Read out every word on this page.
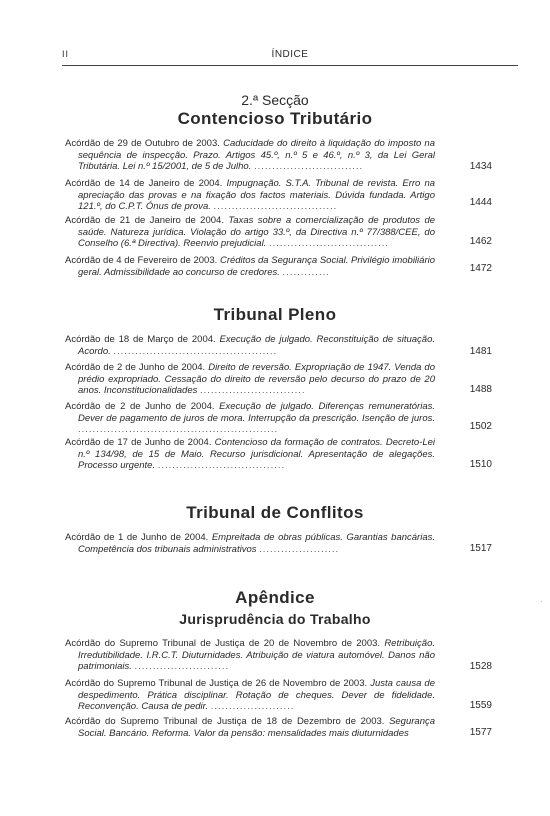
II	ÍNDICE
2.ª Secção
Contencioso Tributário
Acórdão de 29 de Outubro de 2003. Caducidade do direito à liquidação do imposto na sequência de inspecção. Prazo. Artigos 45.º, n.º 5 e 46.º, n.º 3, da Lei Geral Tributária. Lei n.º 15/2001, de 5 de Julho. ..............................	1434
Acórdão de 14 de Janeiro de 2004. Impugnação. S.T.A. Tribunal de revista. Erro na apreciação das provas e na fixação dos factos materiais. Dúvida fundada. Artigo 121.º, do C.P.T. Ónus de prova. ..................................	1444
Acórdão de 21 de Janeiro de 2004. Taxas sobre a comercialização de produtos de saúde. Natureza jurídica. Violação do artigo 33.º, da Directiva n.º 77/388/CEE, do Conselho (6.ª Directiva). Reenvio prejudicial. .................................	1462
Acórdão de 4 de Fevereiro de 2003. Créditos da Segurança Social. Privilégio imobiliário geral. Admissibilidade ao concurso de credores. .............	1472
Tribunal Pleno
Acórdão de 18 de Março de 2004. Execução de julgado. Reconstituição de situação. Acordo. .............................................	1481
Acórdão de 2 de Junho de 2004. Direito de reversão. Expropriação de 1947. Venda do prédio expropriado. Cessação do direito de reversão pelo decurso do prazo de 20 anos. Inconstitucionalidades .............................	1488
Acórdão de 2 de Junho de 2004. Execução de julgado. Diferenças remuneratórias. Dever de pagamento de juros de mora. Interrupção da prescrição. Isenção de juros. .......................................................	1502
Acórdão de 17 de Junho de 2004. Contencioso da formação de contratos. Decreto-Lei n.º 134/98, de 15 de Maio. Recurso jurisdicional. Apresentação de alegações. Processo urgente. ...................................	1510
Tribunal de Conflitos
Acórdão de 1 de Junho de 2004. Empreitada de obras públicas. Garantias bancárias. Competência dos tribunais administrativos ......................	1517
Apêndice
Jurisprudência do Trabalho
Acórdão do Supremo Tribunal de Justiça de 20 de Novembro de 2003. Retribuição. Irredutibilidade. I.R.C.T. Diuturnidades. Atribuição de viatura automóvel. Danos não patrimoniais. ..........................	1528
Acórdão do Supremo Tribunal de Justiça de 26 de Novembro de 2003. Justa causa de despedimento. Prática disciplinar. Rotação de cheques. Dever de fidelidade. Reconvenção. Causa de pedir. .......................	1559
Acórdão do Supremo Tribunal de Justiça de 18 de Dezembro de 2003. Segurança Social. Bancário. Reforma. Valor da pensão: mensalidades mais diuturnidades	1577
·
